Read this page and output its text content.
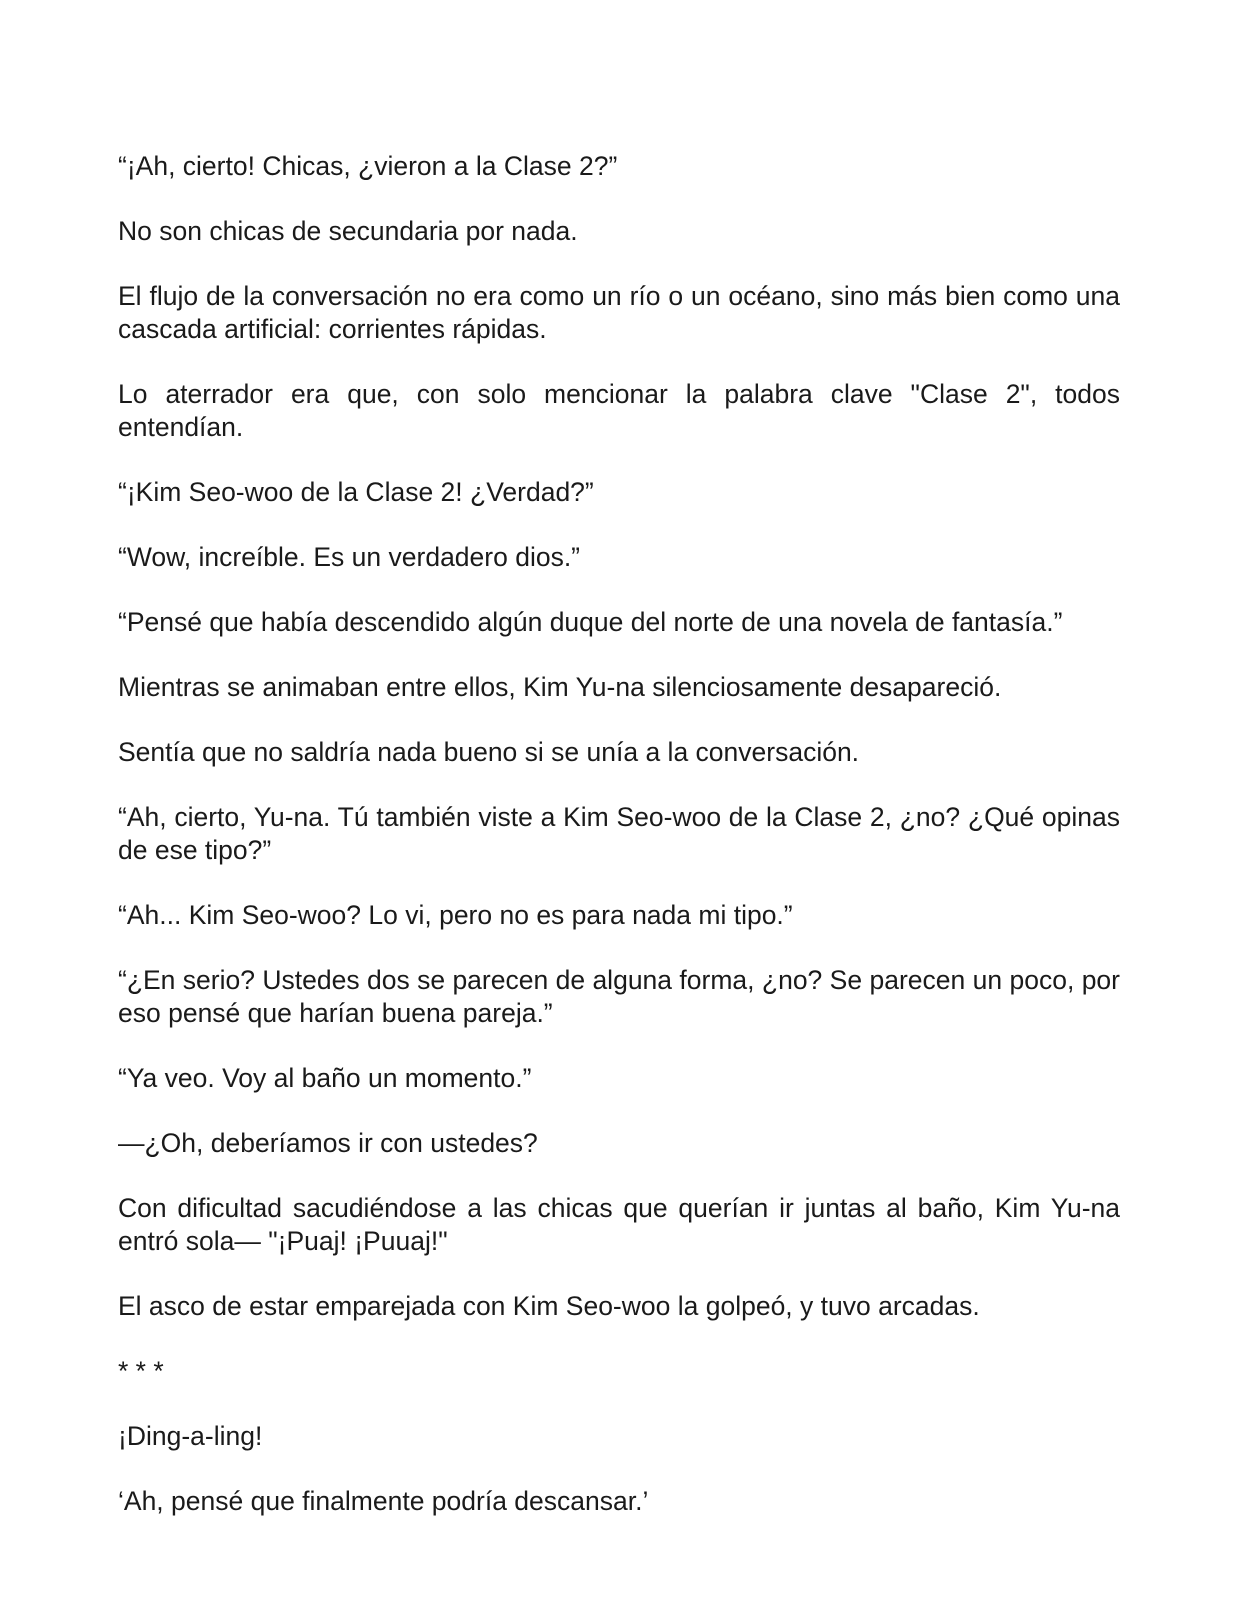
“¡Ah, cierto! Chicas, ¿vieron a la Clase 2?”

No son chicas de secundaria por nada.

El flujo de la conversación no era como un río o un océano, sino más bien como una cascada artificial: corrientes rápidas.

Lo aterrador era que, con solo mencionar la palabra clave "Clase 2", todos entendían.

“¡Kim Seo-woo de la Clase 2! ¿Verdad?”

“Wow, increíble. Es un verdadero dios.”

“Pensé que había descendido algún duque del norte de una novela de fantasía.”

Mientras se animaban entre ellos, Kim Yu-na silenciosamente desapareció.

Sentía que no saldría nada bueno si se unía a la conversación.

“Ah, cierto, Yu-na. Tú también viste a Kim Seo-woo de la Clase 2, ¿no? ¿Qué opinas de ese tipo?”

“Ah... Kim Seo-woo? Lo vi, pero no es para nada mi tipo.”

“¿En serio? Ustedes dos se parecen de alguna forma, ¿no? Se parecen un poco, por eso pensé que harían buena pareja.”

“Ya veo. Voy al baño un momento.”

—¿Oh, deberíamos ir con ustedes?

Con dificultad sacudiéndose a las chicas que querían ir juntas al baño, Kim Yu-na entró sola— "¡Puaj! ¡Puuaj!"

El asco de estar emparejada con Kim Seo-woo la golpeó, y tuvo arcadas.

* * *

¡Ding-a-ling!

‘Ah, pensé que finalmente podría descansar.’
